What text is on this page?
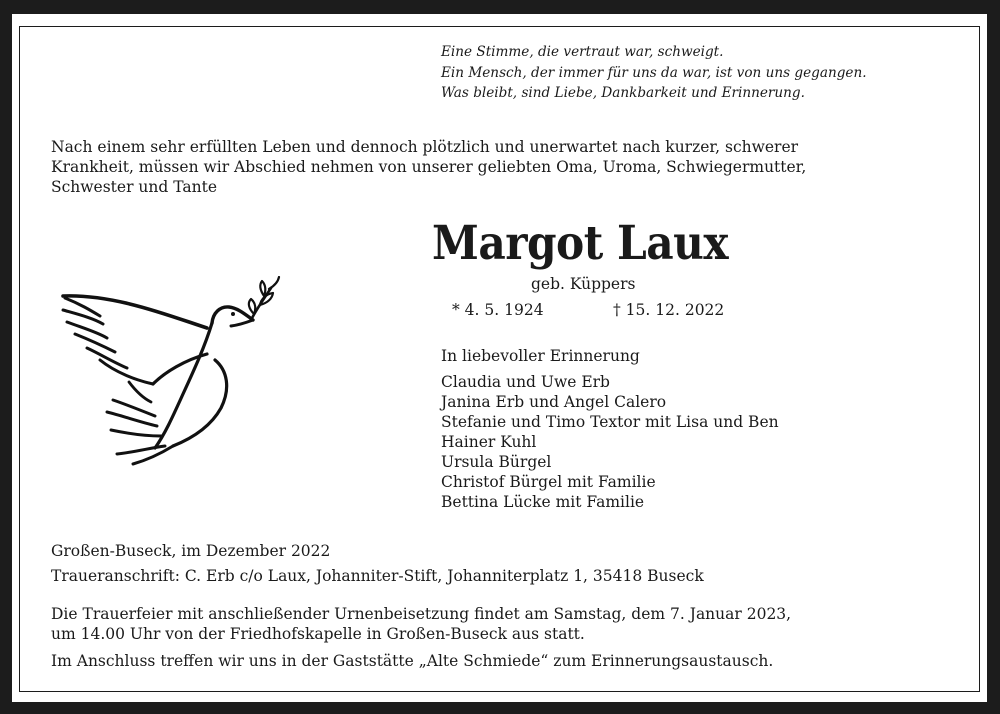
Eine Stimme, die vertraut war, schweigt.
Ein Mensch, der immer für uns da war, ist von uns gegangen.
Was bleibt, sind Liebe, Dankbarkeit und Erinnerung.
Nach einem sehr erfüllten Leben und dennoch plötzlich und unerwartet nach kurzer, schwerer
Krankheit, müssen wir Abschied nehmen von unserer geliebten Oma, Uroma, Schwiegermutter,
Schwester und Tante
Margot Laux
geb. Küppers
* 4. 5. 1924	† 15. 12. 2022
In liebevoller Erinnerung
Claudia und Uwe Erb
Janina Erb und Angel Calero
Stefanie und Timo Textor mit Lisa und Ben
Hainer Kuhl
Ursula Bürgel
Christof Bürgel mit Familie
Bettina Lücke mit Familie
Großen-Buseck, im Dezember 2022
Traueranschrift: C. Erb c/o Laux, Johanniter-Stift, Johanniterplatz 1, 35418 Buseck
Die Trauerfeier mit anschließender Urnenbeisetzung findet am Samstag, dem 7. Januar 2023,
um 14.00 Uhr von der Friedhofskapelle in Großen-Buseck aus statt.
Im Anschluss treffen wir uns in der Gaststätte „Alte Schmiede“ zum Erinnerungsaustausch.
